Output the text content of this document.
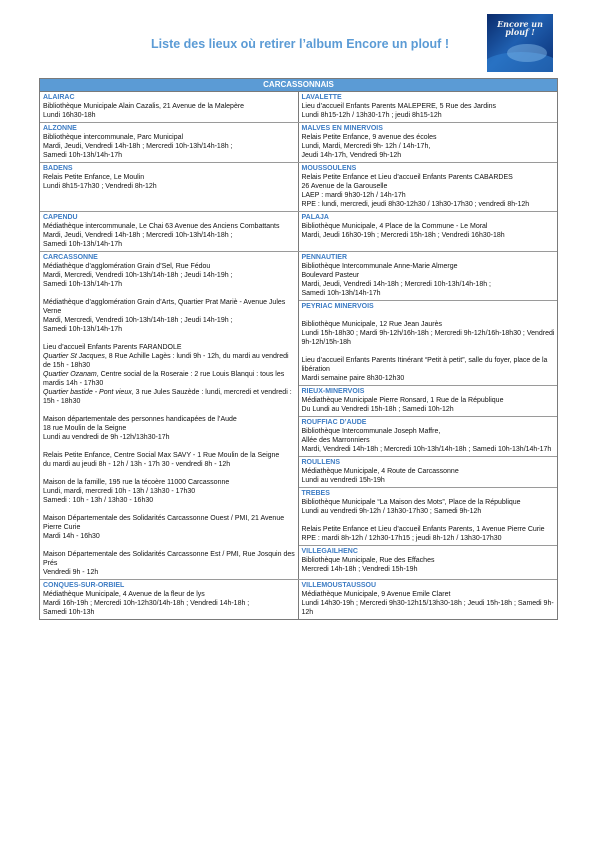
Liste des lieux où retirer l’album Encore un plouf !
Encore un plouf !
CARCASSONNAIS
ALAIRAC

Bibliothèque Municipale Alain Cazalis, 21 Avenue de la Malepère

Lundi 16h30-18h

LAVALETTE

Lieu d’accueil Enfants Parents MALEPERE, 5 Rue des Jardins

Lundi 8h15-12h / 13h30-17h ; jeudi 8h15-12h

ALZONNE

Bibliothèque intercommunale, Parc Municipal

Mardi, Jeudi, Vendredi 14h-18h ; Mercredi 10h-13h/14h-18h ;

Samedi 10h-13h/14h-17h

MALVES EN MINERVOIS

Relais Petite Enfance, 9 avenue des écoles

Lundi, Mardi, Mercredi 9h- 12h / 14h-17h,

Jeudi 14h-17h, Vendredi 9h-12h

BADENS

Relais Petite Enfance, Le Moulin

Lundi 8h15-17h30 ; Vendredi 8h-12h

MOUSSOULENS

Relais Petite Enfance et Lieu d’accueil Enfants Parents CABARDES

26 Avenue de la Garouselle

LAEP : mardi 9h30-12h / 14h-17h

RPE : lundi, mercredi, jeudi 8h30-12h30 / 13h30-17h30 ; vendredi 8h-12h

CAPENDU

Médiathèque intercommunale, Le Chai 63 Avenue des Anciens Combattants

Mardi, Jeudi, Vendredi 14h-18h ; Mercredi 10h-13h/14h-18h ;

Samedi 10h-13h/14h-17h

PALAJA

Bibliothèque Municipale, 4 Place de la Commune - Le Moral

Mardi, Jeudi 16h30-19h ; Mercredi 15h-18h ; Vendredi 16h30-18h

CARCASSONNE

Médiathèque d’agglomération Grain d’Sel, Rue Fédou

Mardi, Mercredi, Vendredi 10h-13h/14h-18h ; Jeudi 14h-19h ;

Samedi 10h-13h/14h-17h

Médiathèque d’agglomération Grain d’Arts, Quartier Prat Mariè - Avenue Jules Verne

Mardi, Mercredi, Vendredi 10h-13h/14h-18h ; Jeudi 14h-19h ;

Samedi 10h-13h/14h-17h

Lieu d’accueil Enfants Parents FARANDOLE

Quartier St Jacques, 8 Rue Achille Lagès : lundi 9h - 12h, du mardi au vendredi de 15h - 18h30

Quartier Ozanam, Centre social de la Roseraie : 2 rue Louis Blanqui : tous les mardis 14h - 17h30

Quartier bastide - Pont vieux, 3 rue Jules Sauzède : lundi, mercredi et vendredi : 15h - 18h30

Maison départementale des personnes handicapées de l’Aude

18 rue Moulin de la Seigne

Lundi au vendredi de 9h -12h/13h30-17h

Relais Petite Enfance, Centre Social Max SAVY - 1 Rue Moulin de la Seigne

du mardi au jeudi 8h - 12h / 13h - 17h 30 - vendredi 8h - 12h

Maison de la famille, 195 rue la técoère 11000 Carcassonne

Lundi, mardi, mercredi 10h - 13h / 13h30 - 17h30

Samedi : 10h - 13h / 13h30 - 16h30

Maison Départementale des Solidarités Carcassonne Ouest / PMI, 21 Avenue Pierre Curie

Mardi 14h - 16h30

Maison Départementale des Solidarités Carcassonne Est / PMI, Rue Josquin des Prés

Vendredi 9h - 12h

PENNAUTIER

Bibliothèque Intercommunale Anne-Marie Almerge

Boulevard Pasteur

Mardi, Jeudi, Vendredi 14h-18h ; Mercredi 10h-13h/14h-18h ;

Samedi 10h-13h/14h-17h

PEYRIAC MINERVOIS

Bibliothèque Municipale, 12 Rue Jean Jaurès

Lundi 15h-18h30 ; Mardi 9h-12h/16h-18h ; Mercredi 9h-12h/16h-18h30 ; Vendredi 9h-12h/15h-18h

Lieu d’accueil Enfants Parents Itinérant “Petit à petit”, salle du foyer, place de la libération

Mardi semaine paire 8h30-12h30

RIEUX-MINERVOIS

Médiathèque Municipale Pierre Ronsard, 1 Rue de la République

Du Lundi au Vendredi 15h-18h ; Samedi 10h-12h

ROUFFIAC D’AUDE

Bibliothèque Intercommunale Joseph Maffre,

Allée des Marronniers

Mardi, Vendredi 14h-18h ; Mercredi 10h-13h/14h-18h ; Samedi 10h-13h/14h-17h

ROULLENS

Médiathèque Municipale, 4 Route de Carcassonne

Lundi au vendredi 15h-19h

TREBES

Bibliothèque Municipale “La Maison des Mots”, Place de la République

Lundi au vendredi 9h-12h / 13h30-17h30 ; Samedi 9h-12h

Relais Petite Enfance et Lieu d’accueil Enfants Parents, 1 Avenue Pierre Curie

RPE : mardi 8h-12h / 12h30-17h15 ; jeudi 8h-12h / 13h30-17h30

VILLEGAILHENC

Bibliothèque Municipale, Rue des Effaches

Mercredi 14h-18h ; Vendredi 15h-19h

CONQUES-SUR-ORBIEL

Médiathèque Municipale, 4 Avenue de la fleur de lys

Mardi 16h-19h ; Mercredi 10h-12h30/14h-18h ; Vendredi 14h-18h ;

Samedi 10h-13h

VILLEMOUSTAUSSOU

Médiathèque Municipale, 9 Avenue Emile Claret

Lundi 14h30-19h ; Mercredi 9h30-12h15/13h30-18h ; Jeudi 15h-18h ; Samedi 9h-12h
